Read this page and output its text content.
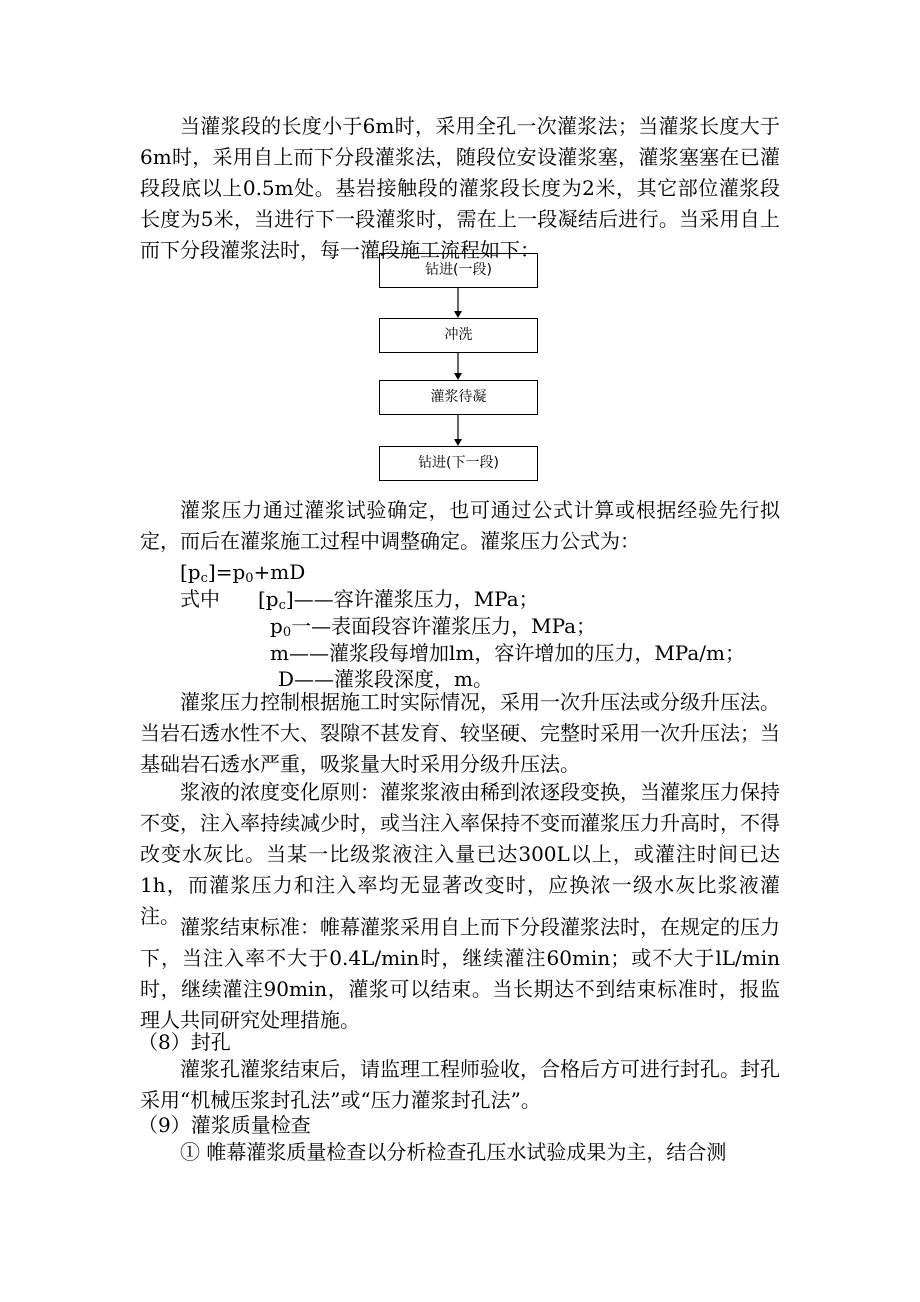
当灌浆段的长度小于6m时，采用全孔一次灌浆法；当灌浆长度大于6m时，采用自上而下分段灌浆法，随段位安设灌浆塞，灌浆塞塞在已灌段段底以上0.5m处。基岩接触段的灌浆段长度为2米，其它部位灌浆段长度为5米，当进行下一段灌浆时，需在上一段凝结后进行。当采用自上而下分段灌浆法时，每一灌段施工流程如下：

钻进(一段)
冲洗
灌浆待凝
钻进(下一段)

灌浆压力通过灌浆试验确定，也可通过公式计算或根据经验先行拟定，而后在灌浆施工过程中调整确定。灌浆压力公式为：

$[p_c]=p_0+mD$
式中 $[p_c]——$容许灌浆压力，MPa；
$p_0$一—表面段容许灌浆压力，MPa；
m——灌浆段每增加lm，容许增加的压力，MPa/m；
D——灌浆段深度，m。

灌浆压力控制根据施工时实际情况，采用一次升压法或分级升压法。当岩石透水性不大、裂隙不甚发育、较坚硬、完整时采用一次升压法；当基础岩石透水严重，吸浆量大时采用分级升压法。

浆液的浓度变化原则：灌浆浆液由稀到浓逐段变换，当灌浆压力保持不变，注入率持续减少时，或当注入率保持不变而灌浆压力升高时，不得改变水灰比。当某一比级浆液注入量已达300L以上，或灌注时间已达1h，而灌浆压力和注入率均无显著改变时，应换浓一级水灰比浆液灌注。 灌浆结束标准：帷幕灌浆采用自上而下分段灌浆法时，在规定的压力下，当注入率不大于0.4L/min时，继续灌注60min；或不大于lL/min时，继续灌注90min，灌浆可以结束。当长期达不到结束标准时，报监理人共同研究处理措施。

（8）封孔

灌浆孔灌浆结束后，请监理工程师验收，合格后方可进行封孔。封孔采用“机械压浆封孔法”或“压力灌浆封孔法”。

（9）灌浆质量检查
① 帷幕灌浆质量检查以分析检查孔压水试验成果为主，结合测
